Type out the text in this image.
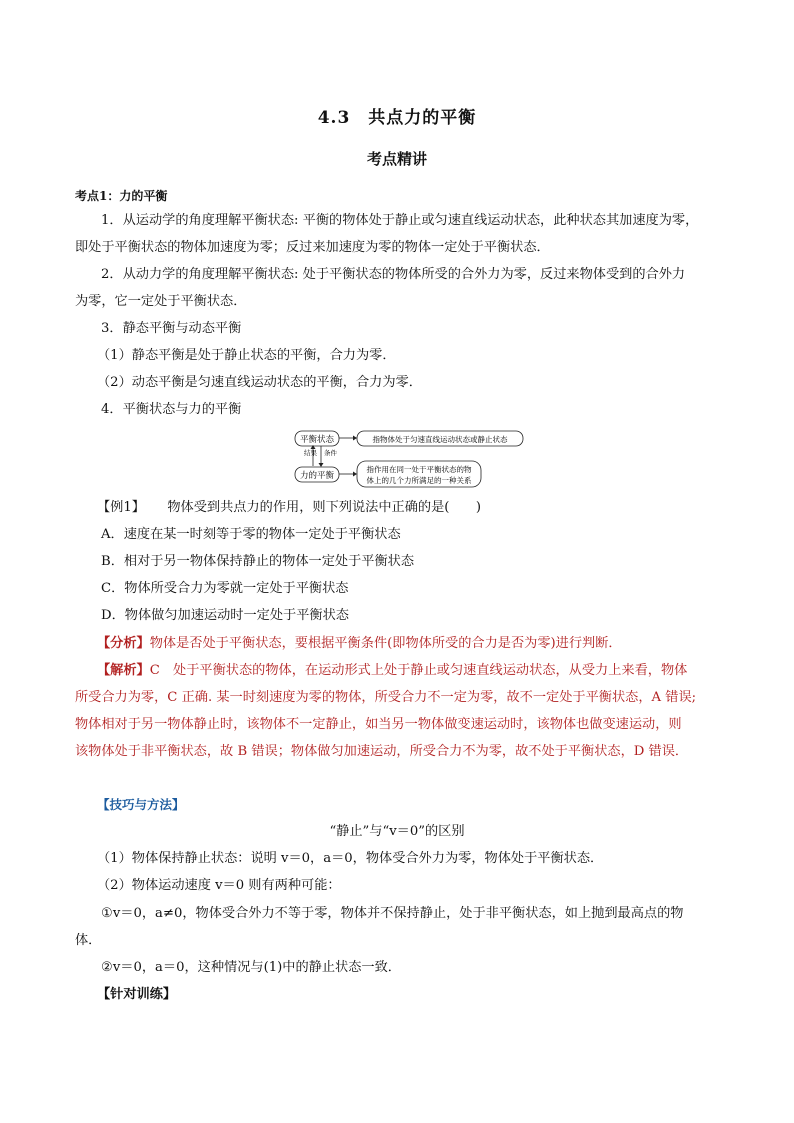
4.3　共点力的平衡
考点精讲
考点1：力的平衡
1．从运动学的角度理解平衡状态: 平衡的物体处于静止或匀速直线运动状态，此种状态其加速度为零，
即处于平衡状态的物体加速度为零；反过来加速度为零的物体一定处于平衡状态．
2．从动力学的角度理解平衡状态: 处于平衡状态的物体所受的合外力为零，反过来物体受到的合外力
为零，它一定处于平衡状态．
3．静态平衡与动态平衡
（1）静态平衡是处于静止状态的平衡，合力为零．
（2）动态平衡是匀速直线运动状态的平衡，合力为零．
4．平衡状态与力的平衡
平衡状态	指物体处于匀速直线运动状态或静止状态
结果 条件
力的平衡
指作用在同一处于平衡状态的物
体上的几个力所满足的一种关系
【例1】 物体受到共点力的作用，则下列说法中正确的是(　　)
A．速度在某一时刻等于零的物体一定处于平衡状态
B．相对于另一物体保持静止的物体一定处于平衡状态
C．物体所受合力为零就一定处于平衡状态
D．物体做匀加速运动时一定处于平衡状态
【分析】物体是否处于平衡状态，要根据平衡条件(即物体所受的合力是否为零)进行判断．
【解析】C　处于平衡状态的物体，在运动形式上处于静止或匀速直线运动状态，从受力上来看，物体
所受合力为零，C 正确. 某一时刻速度为零的物体，所受合力不一定为零，故不一定处于平衡状态，A 错误;
物体相对于另一物体静止时，该物体不一定静止，如当另一物体做变速运动时，该物体也做变速运动，则
该物体处于非平衡状态，故 B 错误；物体做匀加速运动，所受合力不为零，故不处于平衡状态，D 错误．
【技巧与方法】
“静止”与“v＝0”的区别
（1）物体保持静止状态：说明 v＝0，a＝0，物体受合外力为零，物体处于平衡状态．
（2）物体运动速度 v＝0 则有两种可能：
①v＝0，a≠0，物体受合外力不等于零，物体并不保持静止，处于非平衡状态，如上抛到最高点的物
体．
②v＝0，a＝0，这种情况与(1)中的静止状态一致．
【针对训练】
